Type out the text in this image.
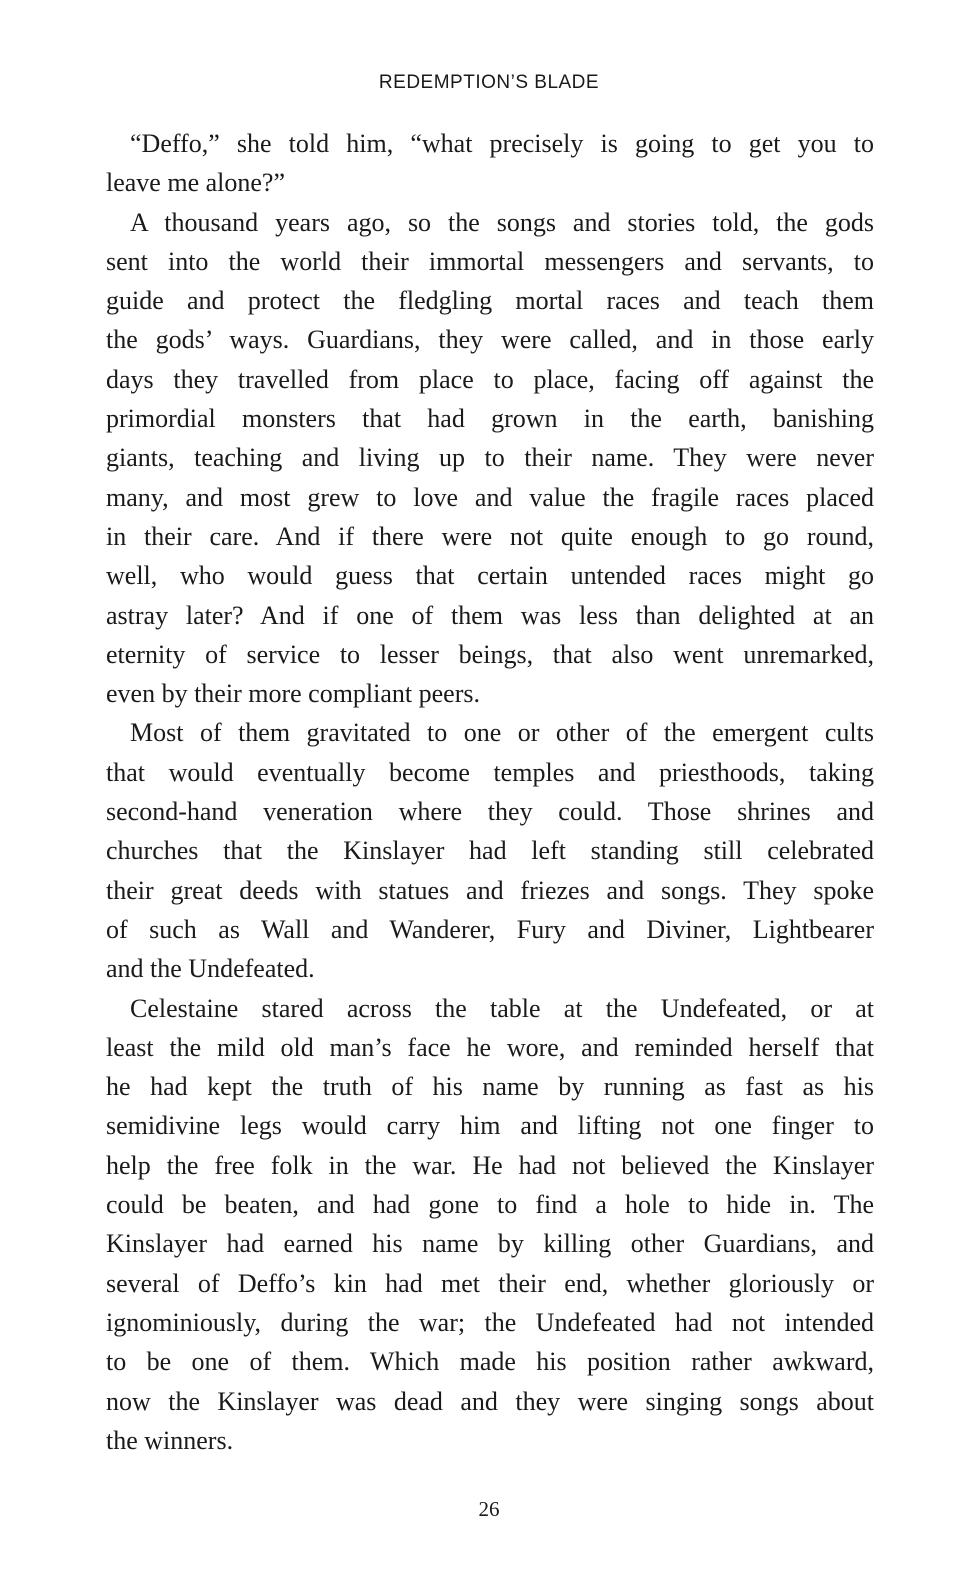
REDEMPTION’S BLADE
“Deffo,” she told him, “what precisely is going to get you to
leave me alone?”
A thousand years ago, so the songs and stories told, the gods
sent into the world their immortal messengers and servants, to
guide and protect the fledgling mortal races and teach them
the gods’ ways. Guardians, they were called, and in those early
days they travelled from place to place, facing off against the
primordial monsters that had grown in the earth, banishing
giants, teaching and living up to their name. They were never
many, and most grew to love and value the fragile races placed
in their care. And if there were not quite enough to go round,
well, who would guess that certain untended races might go
astray later? And if one of them was less than delighted at an
eternity of service to lesser beings, that also went unremarked,
even by their more compliant peers.
Most of them gravitated to one or other of the emergent cults
that would eventually become temples and priesthoods, taking
second-hand veneration where they could. Those shrines and
churches that the Kinslayer had left standing still celebrated
their great deeds with statues and friezes and songs. They spoke
of such as Wall and Wanderer, Fury and Diviner, Lightbearer
and the Undefeated.
Celestaine stared across the table at the Undefeated, or at
least the mild old man’s face he wore, and reminded herself that
he had kept the truth of his name by running as fast as his
semidivine legs would carry him and lifting not one finger to
help the free folk in the war. He had not believed the Kinslayer
could be beaten, and had gone to find a hole to hide in. The
Kinslayer had earned his name by killing other Guardians, and
several of Deffo’s kin had met their end, whether gloriously or
ignominiously, during the war; the Undefeated had not intended
to be one of them. Which made his position rather awkward,
now the Kinslayer was dead and they were singing songs about
the winners.
26
